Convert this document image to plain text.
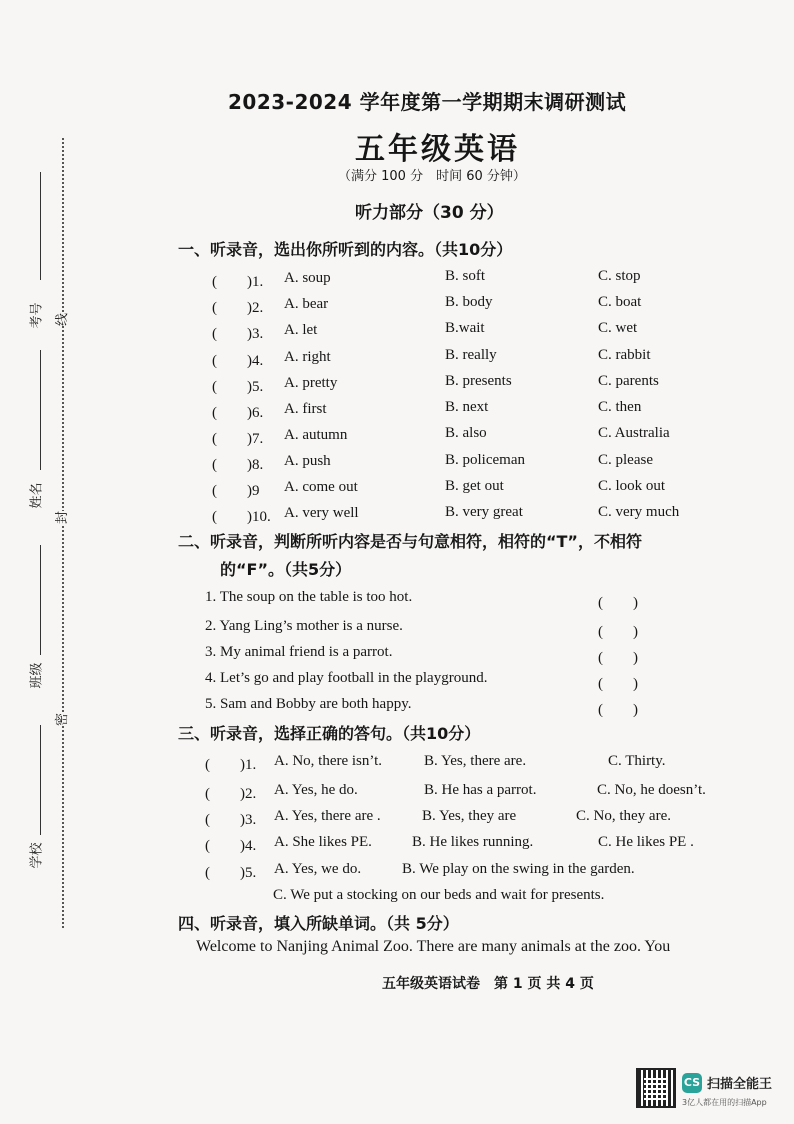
考号
姓名
班级
学校
线
封
密
2023-2024 学年度第一学期期末调研测试
五年级英语
（满分 100 分　时间 60 分钟）
听力部分（30 分）
一、听录音，选出你所听到的内容。（共10分）
(　　)1. A. soup	B. soft	C. stop
(　　)2. A. bear	B. body	C. boat
(　　)3. A. let	B.wait	C. wet
(　　)4. A. right	B. really	C. rabbit
(　　)5. A. pretty	B. presents	C. parents
(　　)6. A. first	B. next	C. then
(　　)7. A. autumn	B. also	C. Australia
(　　)8. A. push	B. policeman	C. please
(　　)9 A. come out	B. get out	C. look out
(　　)10. A. very well	B. very great	C. very much
二、听录音，判断所听内容是否与句意相符，相符的“T”，不相符
的“F”。（共5分）
1. The soup on the table is too hot.	(　　)
2. Yang Ling’s mother is a nurse.	(　　)
3. My animal friend is a parrot.	(　　)
4. Let’s go and play football in the playground.	(　　)
5. Sam and Bobby are both happy.	(　　)
三、听录音，选择正确的答句。（共10分）
(　　)1. A. No, there isn’t.	B. Yes, there are.	C. Thirty.
(　　)2. A. Yes, he do.	B. He has a parrot.	C. No, he doesn’t.
(　　)3. A. Yes, there are .	B. Yes, they are	C. No, they are.
(　　)4. A. She likes PE.	B. He likes running.	C. He likes PE .
(　　)5. A. Yes, we do.	B. We play on the swing in the garden.
C. We put a stocking on our beds and wait for presents.
四、听录音，填入所缺单词。（共 5分）
Welcome to Nanjing Animal Zoo. There are many animals at the zoo. You
五年级英语试卷　第 1 页 共 4 页
CS 扫描全能王
3亿人都在用的扫描App
